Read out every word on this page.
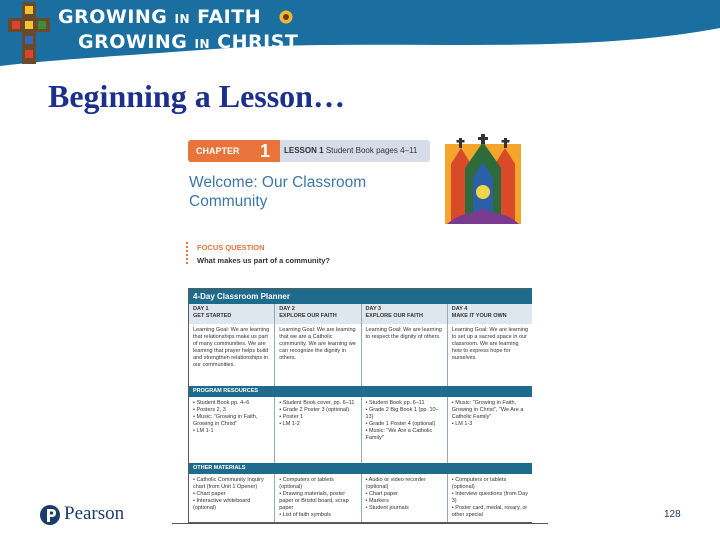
GROWING IN FAITH
GROWING IN CHRIST
Beginning a Lesson…
CHAPTER 1 LESSON 1 Student Book pages 4–11
Welcome: Our Classroom Community
FOCUS QUESTION
What makes us part of a community?
4-Day Classroom Planner
DAY 1
GET STARTED
DAY 2
EXPLORE OUR FAITH
DAY 3
EXPLORE OUR FAITH
DAY 4
MAKE IT YOUR OWN
Learning Goal: We are learning that relationships make us part of many communities. We are learning that prayer helps build and strengthen relationships in our communities.
Learning Goal: We are learning that we are a Catholic community. We are learning we can recognize the dignity in others.
Learning Goal: We are learning to respect the dignity of others.
Learning Goal: We are learning to set up a sacred space in our classroom. We are learning how to express hope for ourselves.
PROGRAM RESOURCES
• Student Book pp. 4–6
• Posters 2, 3
• Music: "Growing in Faith, Growing in Christ"
• LM 1-1
• Student Book cover, pp. 6–11
• Grade 2 Poster 3 (optional)
• Poster 1
• LM 1-2
• Student Book pp. 6–11
• Grade 2 Big Book 1 (pp. 10–13)
• Grade 1 Poster 4 (optional)
• Music: "We Are a Catholic Family"
• Music: "Growing in Faith, Growing in Christ", "We Are a Catholic Family"
• LM 1-3
OTHER MATERIALS
• Catholic Community Inquiry chart (from Unit 1 Opener)
• Chart paper
• Interactive whiteboard (optional)
• Computers or tablets (optional)
• Drawing materials, poster paper or Bristol board, scrap paper
• List of faith symbols
• Audio or video recorder (optional)
• Chart paper
• Markers
• Student journals
• Computers or tablets (optional)
• Interview questions (from Day 3)
• Poster card, medal, rosary, or other special
Pearson	128
